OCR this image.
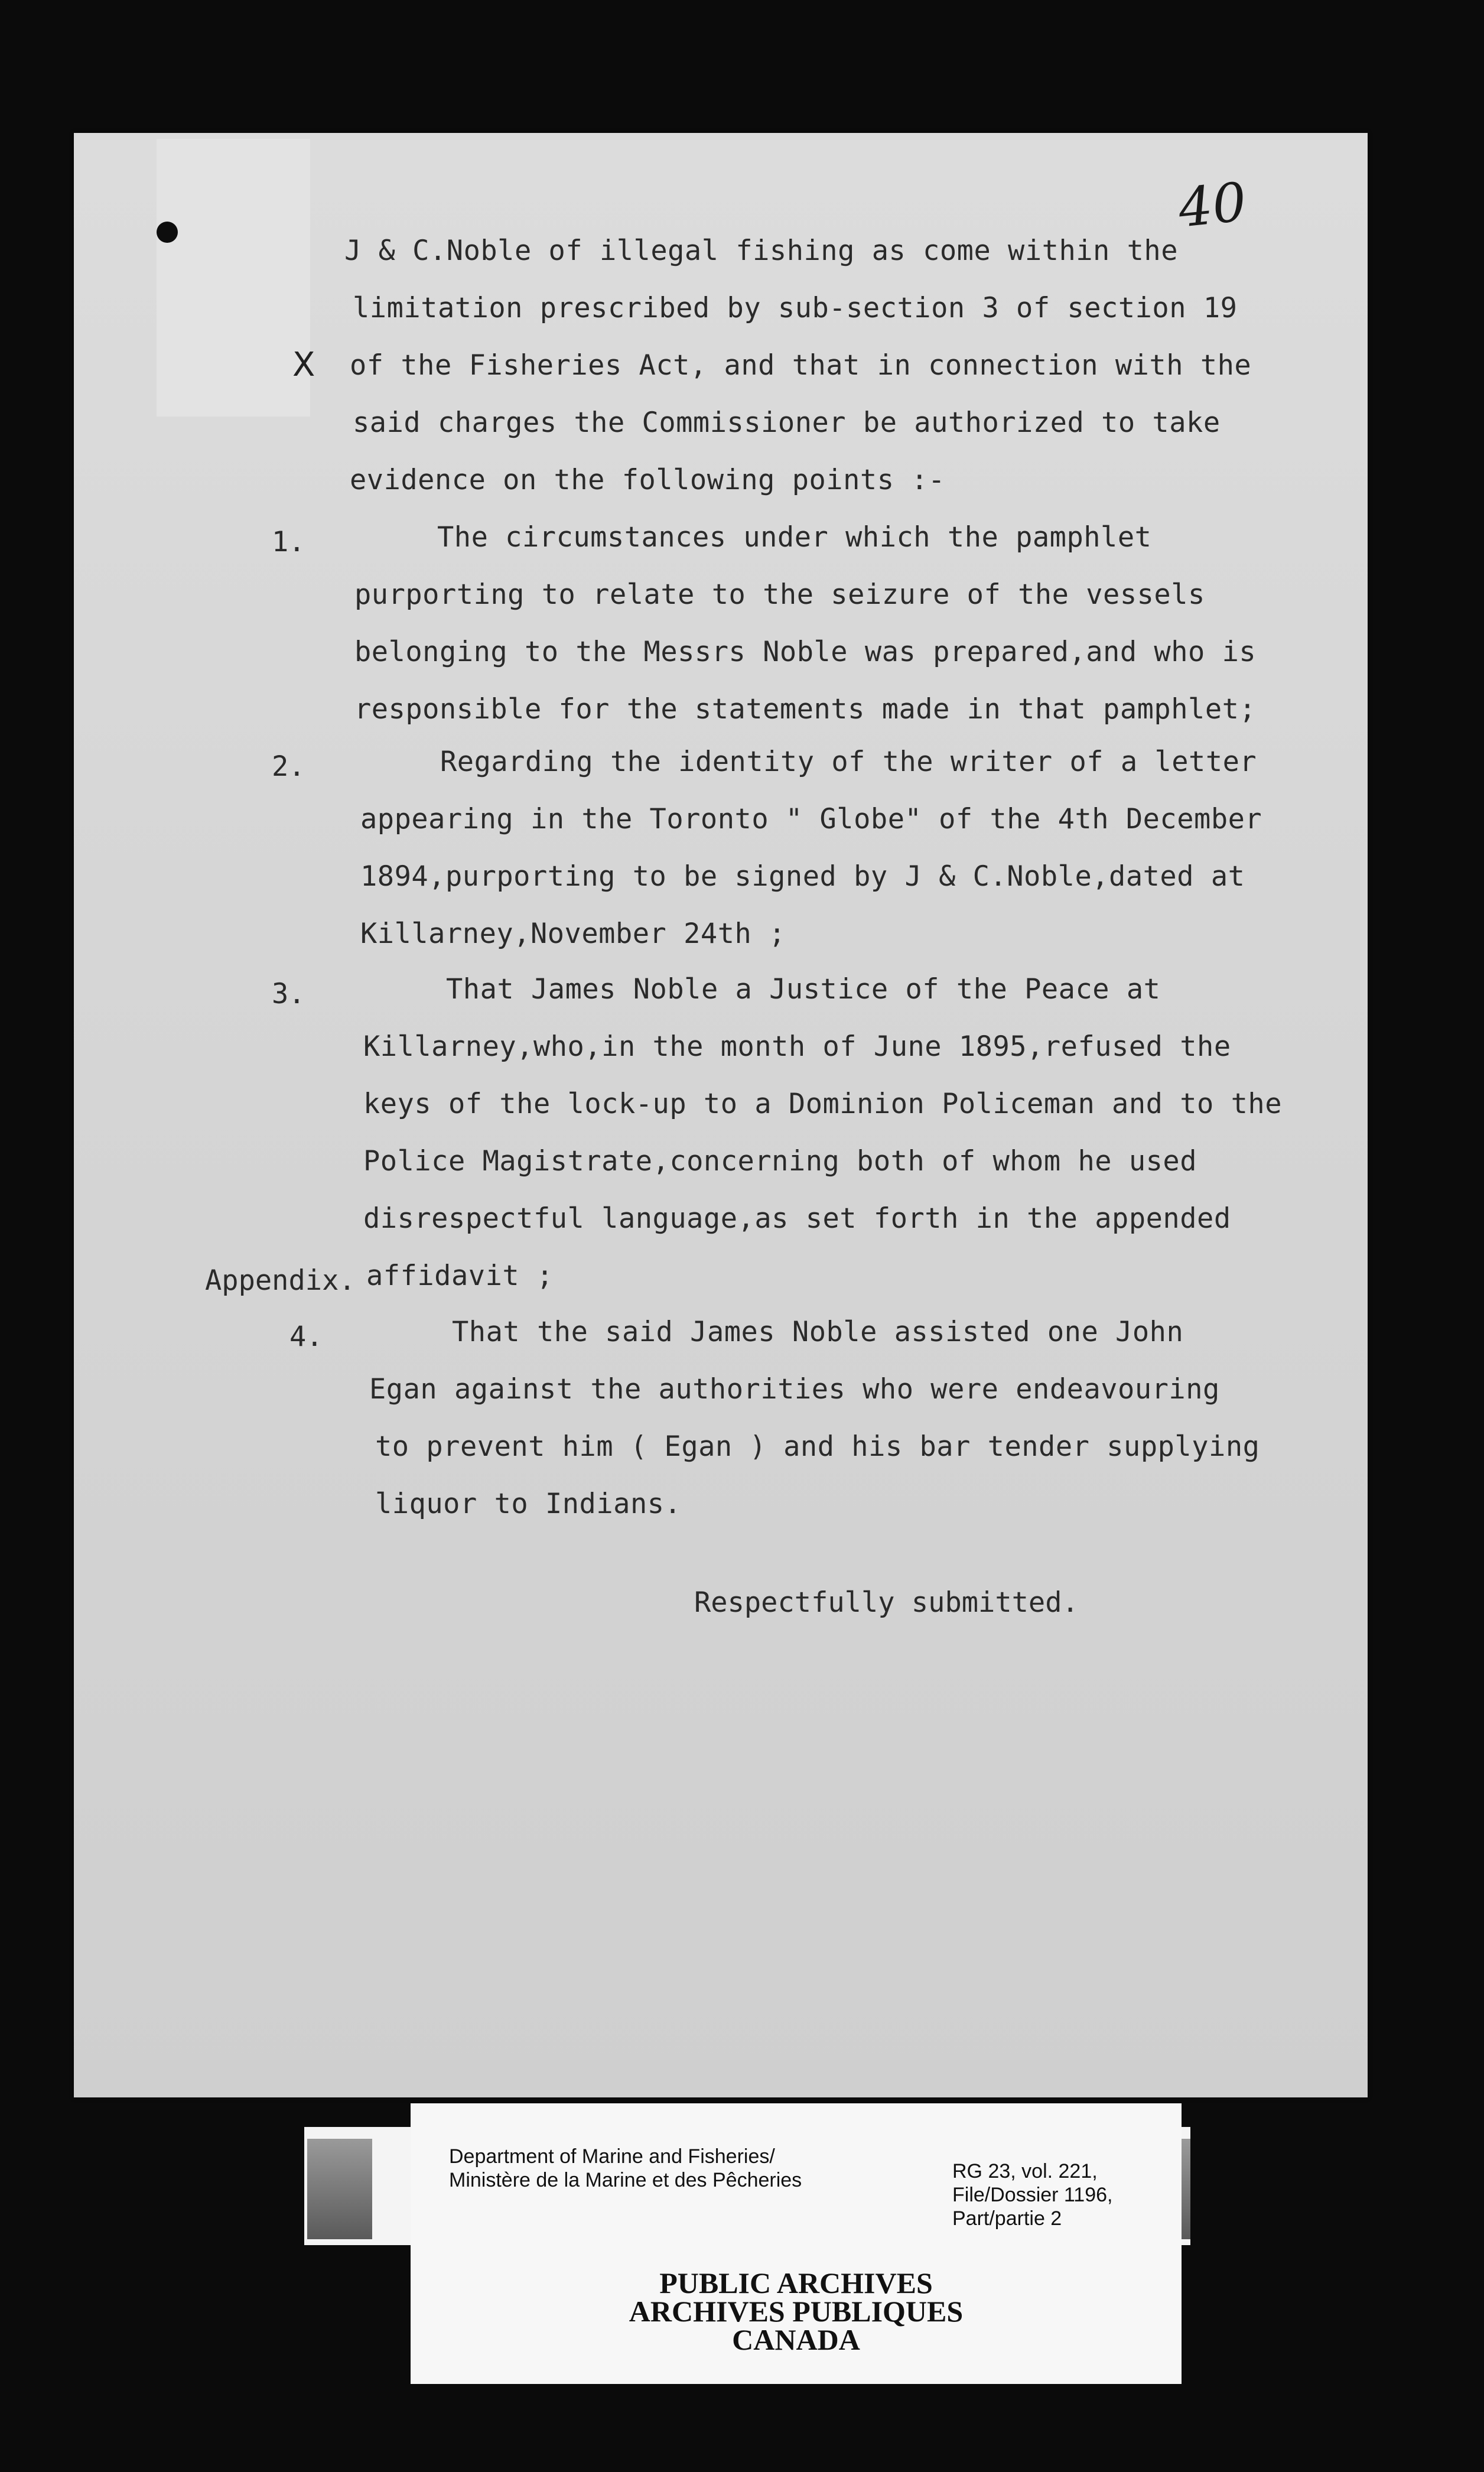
40
X
J & C.Noble of illegal fishing as come within the
limitation prescribed by sub-section 3 of section 19
of the Fisheries Act, and that in connection with the
said charges the Commissioner be authorized to take
evidence on the following points :-
1.	The circumstances under which the pamphlet
purporting to relate to the seizure of the vessels
belonging to the Messrs Noble was prepared,and who is
responsible for the statements made in that pamphlet;
2.	Regarding the identity of the writer of a letter
appearing in the Toronto " Globe" of the 4th December
1894,purporting to be signed by J & C.Noble,dated at
Killarney,November 24th ;
3.	That James Noble a Justice of the Peace at
Killarney,who,in the month of June 1895,refused the
keys of the lock-up to a Dominion Policeman and to the
Police Magistrate,concerning both of whom he used
disrespectful language,as set forth in the appended
Appendix. affidavit ;
4.	That the said James Noble assisted one John
Egan against the authorities who were endeavouring
to prevent him ( Egan ) and his bar tender supplying
liquor to Indians.
Respectfully submitted.
Department of Marine and Fisheries/
Ministère de la Marine et des Pêcheries	RG 23, vol. 221,
File/Dossier 1196,
Part/partie 2
PUBLIC ARCHIVES
ARCHIVES PUBLIQUES
CANADA
